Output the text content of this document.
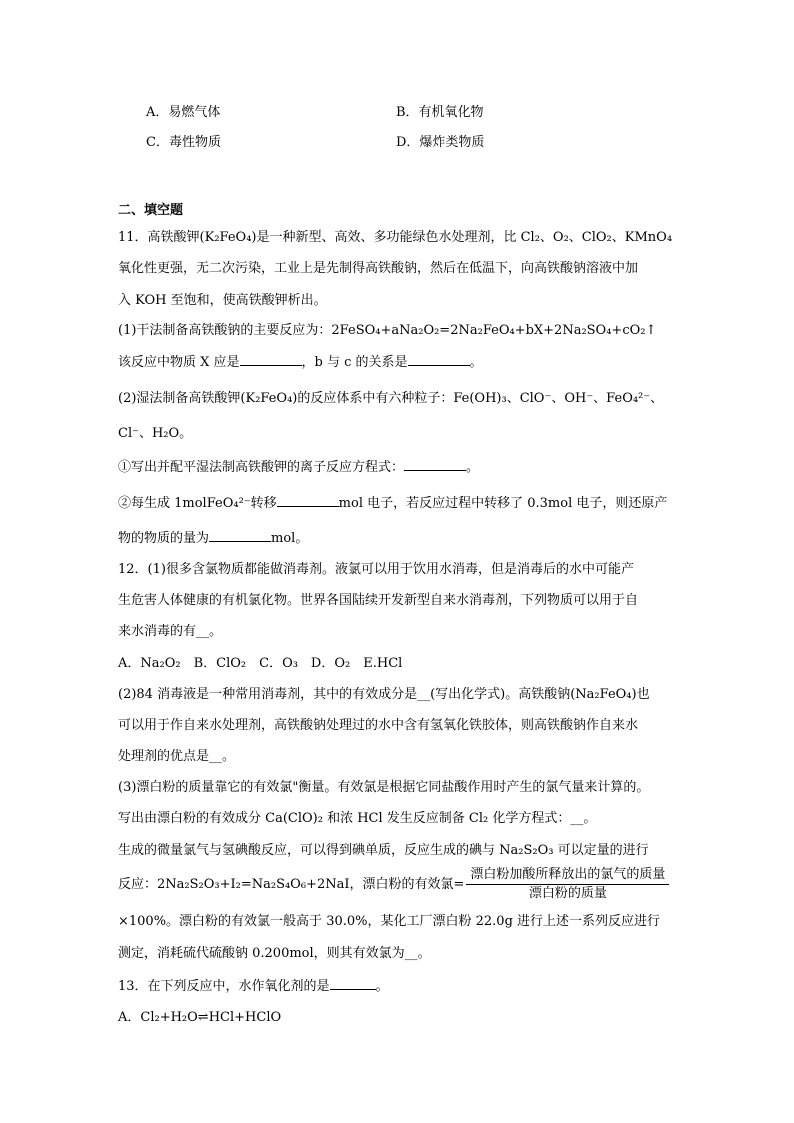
A．易燃气体	B．有机氧化物
C．毒性物质	D．爆炸类物质
二、填空题
11．高铁酸钾(K₂FeO₄)是一种新型、高效、多功能绿色水处理剂，比 Cl₂、O₂、ClO₂、KMnO₄
氧化性更强，无二次污染，工业上是先制得高铁酸钠，然后在低温下，向高铁酸钠溶液中加
入 KOH 至饱和，使高铁酸钾析出。
(1)干法制备高铁酸钠的主要反应为：2FeSO₄+aNa₂O₂=2Na₂FeO₄+bX+2Na₂SO₄+cO₂↑
该反应中物质 X 应是	，b 与 c 的关系是	。
(2)湿法制备高铁酸钾(K₂FeO₄)的反应体系中有六种粒子：Fe(OH)₃、ClO⁻、OH⁻、FeO₄²⁻、
Cl⁻、H₂O。
①写出并配平湿法制高铁酸钾的离子反应方程式：	。
②每生成 1molFeO₄²⁻转移	mol 电子，若反应过程中转移了 0.3mol 电子，则还原产
物的物质的量为	mol。
12．(1)很多含氯物质都能做消毒剂。液氯可以用于饮用水消毒，但是消毒后的水中可能产
生危害人体健康的有机氯化物。世界各国陆续开发新型自来水消毒剂，下列物质可以用于自
来水消毒的有__。
A．Na₂O₂　B．ClO₂　C．O₃　D．O₂　E.HCl
(2)84 消毒液是一种常用消毒剂，其中的有效成分是__(写出化学式)。高铁酸钠(Na₂FeO₄)也
可以用于作自来水处理剂，高铁酸钠处理过的水中含有氢氧化铁胶体，则高铁酸钠作自来水
处理剂的优点是__。
(3)漂白粉的质量靠它的有效氯"衡量。有效氯是根据它同盐酸作用时产生的氯气量来计算的。
写出由漂白粉的有效成分 Ca(ClO)₂ 和浓 HCl 发生反应制备 Cl₂ 化学方程式：__。
生成的微量氯气与氢碘酸反应，可以得到碘单质，反应生成的碘与 Na₂S₂O₃ 可以定量的进行
反应：2Na₂S₂O₃+I₂=Na₂S₄O₆+2NaI，漂白粉的有效氯= $\frac{\text{漂白粉加酸所释放出的氯气的质量}}{\text{漂白粉的质量}}$
×100%。漂白粉的有效氯一般高于 30.0%，某化工厂漂白粉 22.0g 进行上述一系列反应进行
测定，消耗硫代硫酸钠 0.200mol，则其有效氯为__。
13．在下列反应中，水作氧化剂的是	。
A．Cl₂+H₂O⇌HCl+HClO
